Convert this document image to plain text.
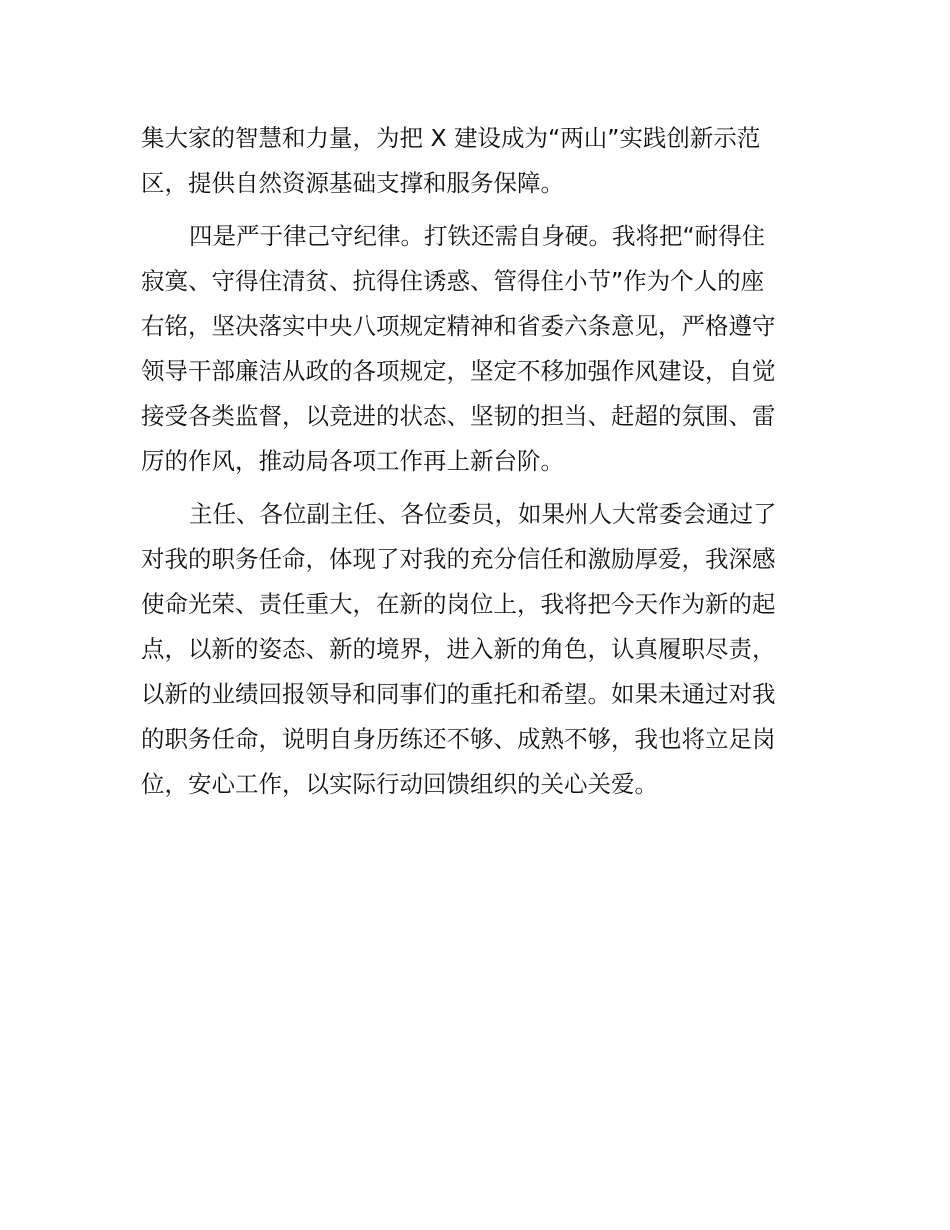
集大家的智慧和力量，为把 X 建设成为“两山”实践创新示范
区，提供自然资源基础支撑和服务保障。
四是严于律己守纪律。打铁还需自身硬。我将把“耐得住
寂寞、守得住清贫、抗得住诱惑、管得住小节”作为个人的座
右铭，坚决落实中央八项规定精神和省委六条意见，严格遵守
领导干部廉洁从政的各项规定，坚定不移加强作风建设，自觉
接受各类监督，以竞进的状态、坚韧的担当、赶超的氛围、雷
厉的作风，推动局各项工作再上新台阶。
主任、各位副主任、各位委员，如果州人大常委会通过了
对我的职务任命，体现了对我的充分信任和激励厚爱，我深感
使命光荣、责任重大，在新的岗位上，我将把今天作为新的起
点，以新的姿态、新的境界，进入新的角色，认真履职尽责，
以新的业绩回报领导和同事们的重托和希望。如果未通过对我
的职务任命，说明自身历练还不够、成熟不够，我也将立足岗
位，安心工作，以实际行动回馈组织的关心关爱。
